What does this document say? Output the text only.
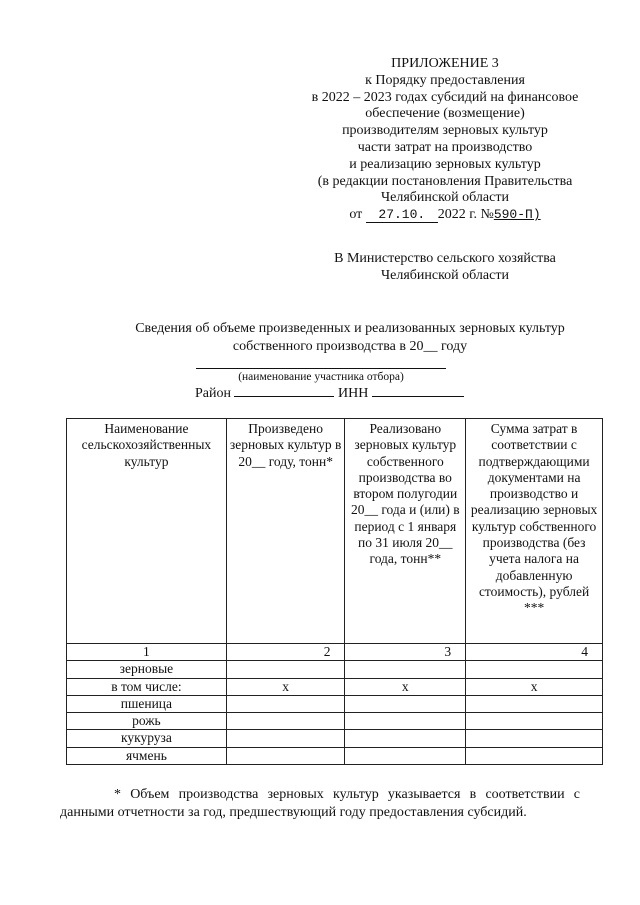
ПРИЛОЖЕНИЕ 3
к Порядку предоставления
в 2022 – 2023 годах субсидий на финансовое
обеспечение (возмещение)
производителям зерновых культур
части затрат на производство
и реализацию зерновых культур
(в редакции постановления Правительства
Челябинской области
от 27.10. 2022 г. №590-П)
В Министерство сельского хозяйства
Челябинской области
Сведения об объеме произведенных и реализованных зерновых культур
собственного производства в 20__ году
(наименование участника отбора)
Район	ИНН
Наименование сельскохозяйственных культур	Произведено зерновых культур в 20__ году, тонн*	Реализовано зерновых культур собственного производства во втором полугодии 20__ года и (или) в период с 1 января по 31 июля 20__ года, тонн**	Сумма затрат в соответствии с подтверждающими документами на производство и реализацию зерновых культур собственного производства (без учета налога на добавленную стоимость), рублей ***
1	2	3	4
зерновые			
в том числе:	х	х	х
пшеница			
рожь			
кукуруза			
ячмень			
* Объем производства зерновых культур указывается в соответствии с данными отчетности за год, предшествующий году предоставления субсидий.
